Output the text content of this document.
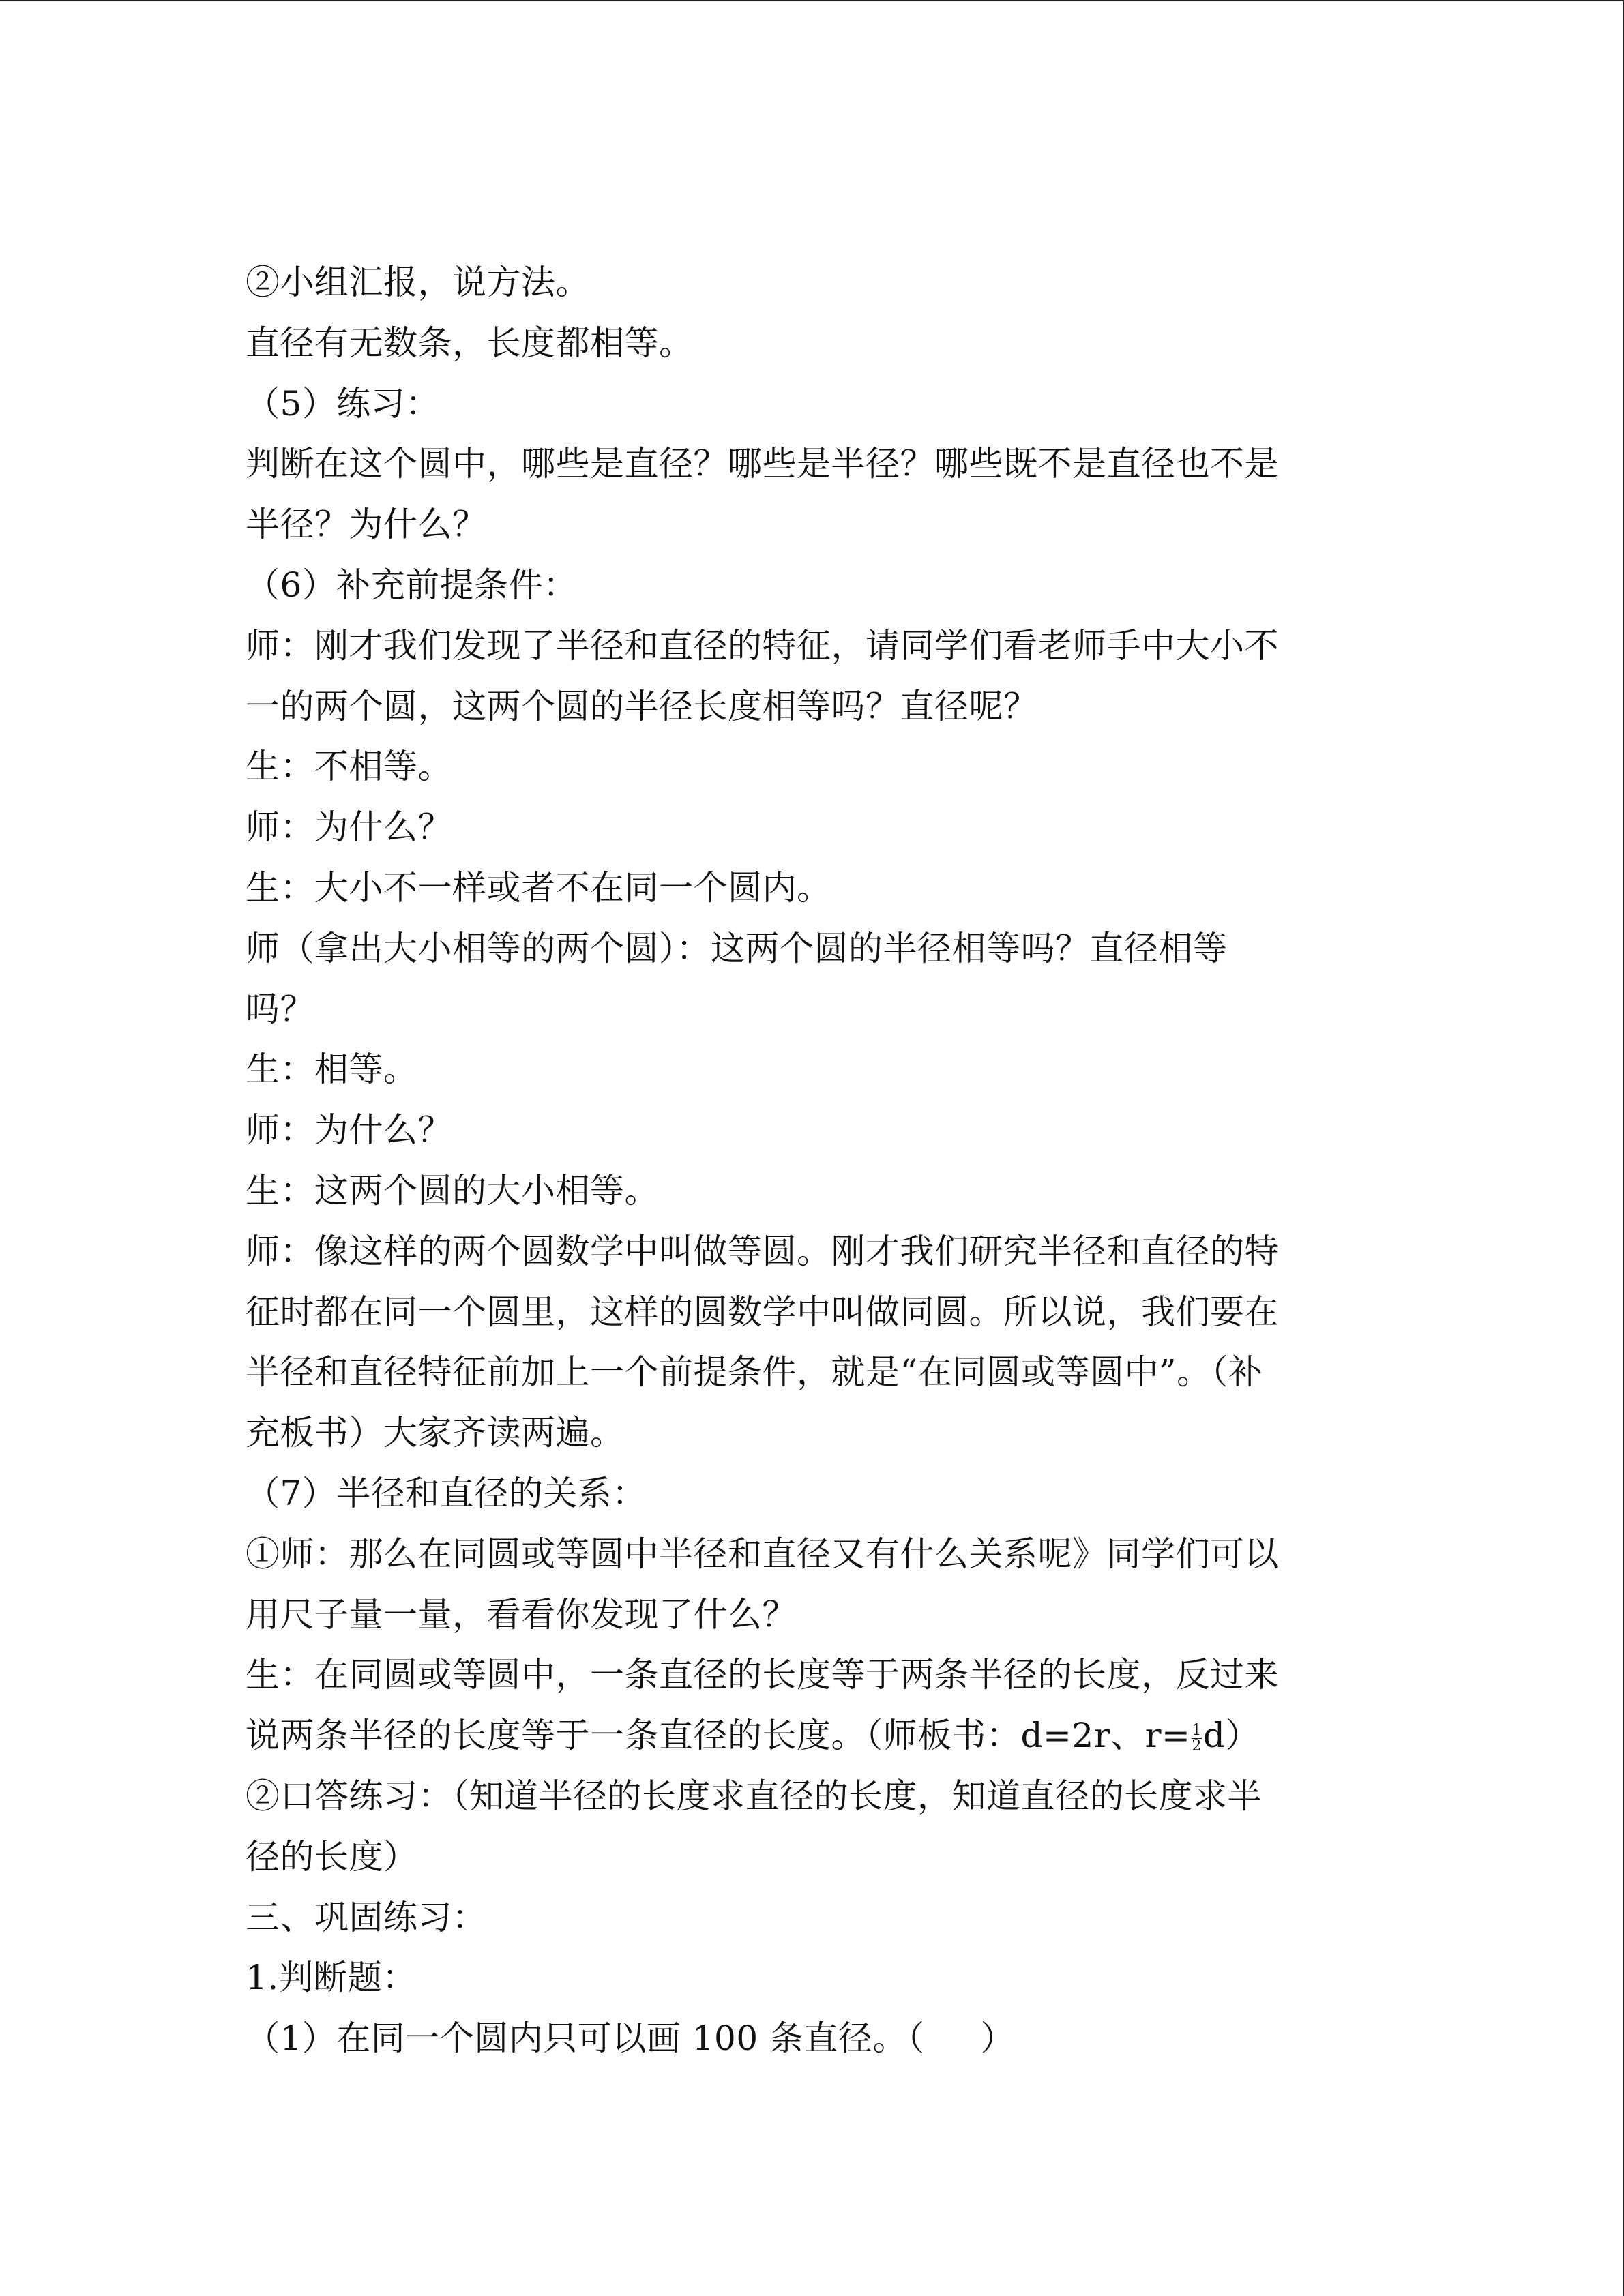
②小组汇报，说方法。
直径有无数条，长度都相等。
（5）练习：
判断在这个圆中，哪些是直径？哪些是半径？哪些既不是直径也不是
半径？为什么？
（6）补充前提条件：
师：刚才我们发现了半径和直径的特征，请同学们看老师手中大小不
一的两个圆，这两个圆的半径长度相等吗？直径呢？
生：不相等。
师：为什么？
生：大小不一样或者不在同一个圆内。
师（拿出大小相等的两个圆）：这两个圆的半径相等吗？直径相等
吗？
生：相等。
师：为什么？
生：这两个圆的大小相等。
师：像这样的两个圆数学中叫做等圆。刚才我们研究半径和直径的特
征时都在同一个圆里，这样的圆数学中叫做同圆。所以说，我们要在
半径和直径特征前加上一个前提条件，就是“在同圆或等圆中”。（补
充板书）大家齐读两遍。
（7）半径和直径的关系：
①师：那么在同圆或等圆中半径和直径又有什么关系呢》同学们可以
用尺子量一量，看看你发现了什么？
生：在同圆或等圆中，一条直径的长度等于两条半径的长度，反过来
说两条半径的长度等于一条直径的长度。（师板书：d=2r、$r= \frac{1}{2} d$）
②口答练习：（知道半径的长度求直径的长度，知道直径的长度求半
径的长度）
三、巩固练习：
1.判断题：
（1）在同一个圆内只可以画 100 条直径。（     ）
